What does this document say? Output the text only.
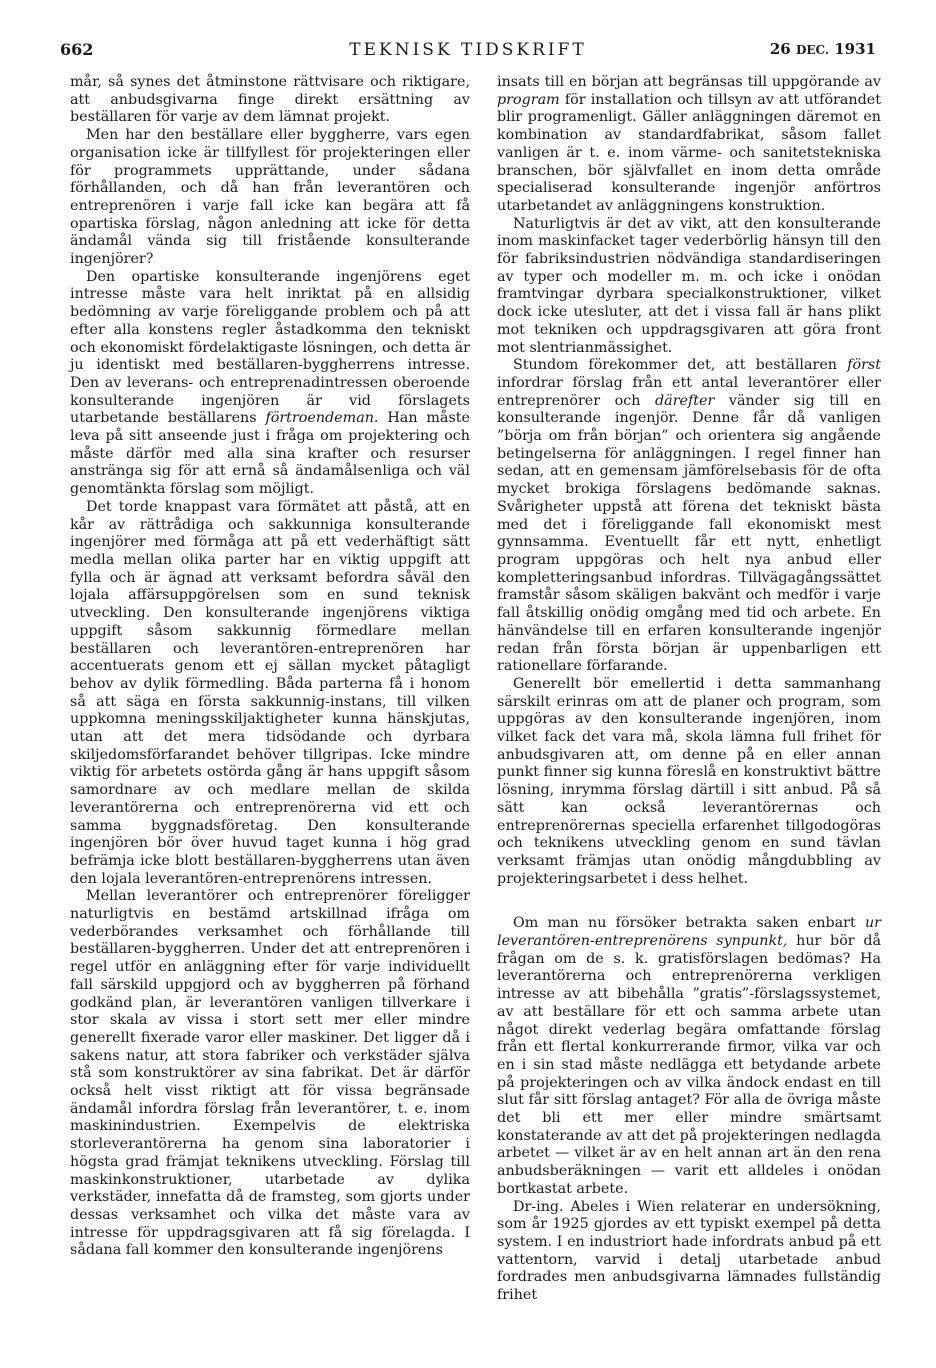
662	TEKNISK TIDSKRIFT	26 DEC. 1931

mår, så synes det åtminstone rättvisare och riktigare, att anbudsgivarna finge direkt ersättning av beställaren för varje av dem lämnat projekt.

Men har den beställare eller byggherre, vars egen organisation icke är tillfyllest för projekteringen eller för programmets upprättande, under sådana förhållanden, och då han från leverantören och entreprenören i varje fall icke kan begära att få opartiska förslag, någon anledning att icke för detta ändamål vända sig till fristående konsulterande ingenjörer?

Den opartiske konsulterande ingenjörens eget intresse måste vara helt inriktat på en allsidig bedömning av varje föreliggande problem och på att efter alla konstens regler åstadkomma den tekniskt och ekonomiskt fördelaktigaste lösningen, och detta är ju identiskt med beställaren-byggherrens intresse. Den av leverans- och entreprenadintressen oberoende konsulterande ingenjören är vid förslagets utarbetande beställarens förtroendeman. Han måste leva på sitt anseende just i fråga om projektering och måste därför med alla sina krafter och resurser anstränga sig för att ernå så ändamålsenliga och väl genomtänkta förslag som möjligt.

Det torde knappast vara förmätet att påstå, att en kår av rättrådiga och sakkunniga konsulterande ingenjörer med förmåga att på ett vederhäftigt sätt medla mellan olika parter har en viktig uppgift att fylla och är ägnad att verksamt befordra såväl den lojala affärsuppgörelsen som en sund teknisk utveckling. Den konsulterande ingenjörens viktiga uppgift såsom sakkunnig förmedlare mellan beställaren och leverantören-entreprenören har accentuerats genom ett ej sällan mycket påtagligt behov av dylik förmedling. Båda parterna få i honom så att säga en första sakkunnig-instans, till vilken uppkomna meningsskiljaktigheter kunna hänskjutas, utan att det mera tidsödande och dyrbara skiljedomsförfarandet behöver tillgripas. Icke mindre viktig för arbetets ostörda gång är hans uppgift såsom samordnare av och medlare mellan de skilda leverantörerna och entreprenörerna vid ett och samma byggnadsföretag. Den konsulterande ingenjören bör över huvud taget kunna i hög grad befrämja icke blott beställaren-byggherrens utan även den lojala leverantören-entreprenörens intressen.

Mellan leverantörer och entreprenörer föreligger naturligtvis en bestämd artskillnad ifråga om vederbörandes verksamhet och förhållande till beställaren-byggherren. Under det att entreprenören i regel utför en anläggning efter för varje individuellt fall särskild uppgjord och av byggherren på förhand godkänd plan, är leverantören vanligen tillverkare i stor skala av vissa i stort sett mer eller mindre generellt fixerade varor eller maskiner. Det ligger då i sakens natur, att stora fabriker och verkstäder själva stå som konstruktörer av sina fabrikat. Det är därför också helt visst riktigt att för vissa begränsade ändamål infordra förslag från leverantörer, t. e. inom maskinindustrien. Exempelvis de elektriska storleverantörerna ha genom sina laboratorier i högsta grad främjat teknikens utveckling. Förslag till maskinkonstruktioner, utarbetade av dylika verkstäder, innefatta då de framsteg, som gjorts under dessas verksamhet och vilka det måste vara av intresse för uppdragsgivaren att få sig förelagda. I sådana fall kommer den konsulterande ingenjörens

insats till en början att begränsas till uppgörande av program för installation och tillsyn av att utförandet blir programenligt. Gäller anläggningen däremot en kombination av standardfabrikat, såsom fallet vanligen är t. e. inom värme- och sanitetstekniska branschen, bör självfallet en inom detta område specialiserad konsulterande ingenjör anförtros utarbetandet av anläggningens konstruktion.

Naturligtvis är det av vikt, att den konsulterande inom maskinfacket tager vederbörlig hänsyn till den för fabriksindustrien nödvändiga standardiseringen av typer och modeller m. m. och icke i onödan framtvingar dyrbara specialkonstruktioner, vilket dock icke utesluter, att det i vissa fall är hans plikt mot tekniken och uppdragsgivaren att göra front mot slentrianmässighet.

Stundom förekommer det, att beställaren först infordrar förslag från ett antal leverantörer eller entreprenörer och därefter vänder sig till en konsulterande ingenjör. Denne får då vanligen ”börja om från början” och orientera sig angående betingelserna för anläggningen. I regel finner han sedan, att en gemensam jämförelsebasis för de ofta mycket brokiga förslagens bedömande saknas. Svårigheter uppstå att förena det tekniskt bästa med det i föreliggande fall ekonomiskt mest gynnsamma. Eventuellt får ett nytt, enhetligt program uppgöras och helt nya anbud eller kompletteringsanbud infordras. Tillvägagångssättet framstår såsom skäligen bakvänt och medför i varje fall åtskillig onödig omgång med tid och arbete. En hänvändelse till en erfaren konsulterande ingenjör redan från första början är uppenbarligen ett rationellare förfarande.

Generellt bör emellertid i detta sammanhang särskilt erinras om att de planer och program, som uppgöras av den konsulterande ingenjören, inom vilket fack det vara må, skola lämna full frihet för anbudsgivaren att, om denne på en eller annan punkt finner sig kunna föreslå en konstruktivt bättre lösning, inrymma förslag därtill i sitt anbud. På så sätt kan också leverantörernas och entreprenörernas speciella erfarenhet tillgodogöras och teknikens utveckling genom en sund tävlan verksamt främjas utan onödig mångdubbling av projekteringsarbetet i dess helhet.

Om man nu försöker betrakta saken enbart ur leverantören-entreprenörens synpunkt, hur bör då frågan om de s. k. gratisförslagen bedömas? Ha leverantörerna och entreprenörerna verkligen intresse av att bibehålla ”gratis”-förslagssystemet, av att beställare för ett och samma arbete utan något direkt vederlag begära omfattande förslag från ett flertal konkurrerande firmor, vilka var och en i sin stad måste nedlägga ett betydande arbete på projekteringen och av vilka ändock endast en till slut får sitt förslag antaget? För alla de övriga måste det bli ett mer eller mindre smärtsamt konstaterande av att det på projekteringen nedlagda arbetet — vilket är av en helt annan art än den rena anbudsberäkningen — varit ett alldeles i onödan bortkastat arbete.

Dr-ing. Abeles i Wien relaterar en undersökning, som år 1925 gjordes av ett typiskt exempel på detta system. I en industriort hade infordrats anbud på ett vattentorn, varvid i detalj utarbetade anbud fordrades men anbudsgivarna lämnades fullständig frihet
